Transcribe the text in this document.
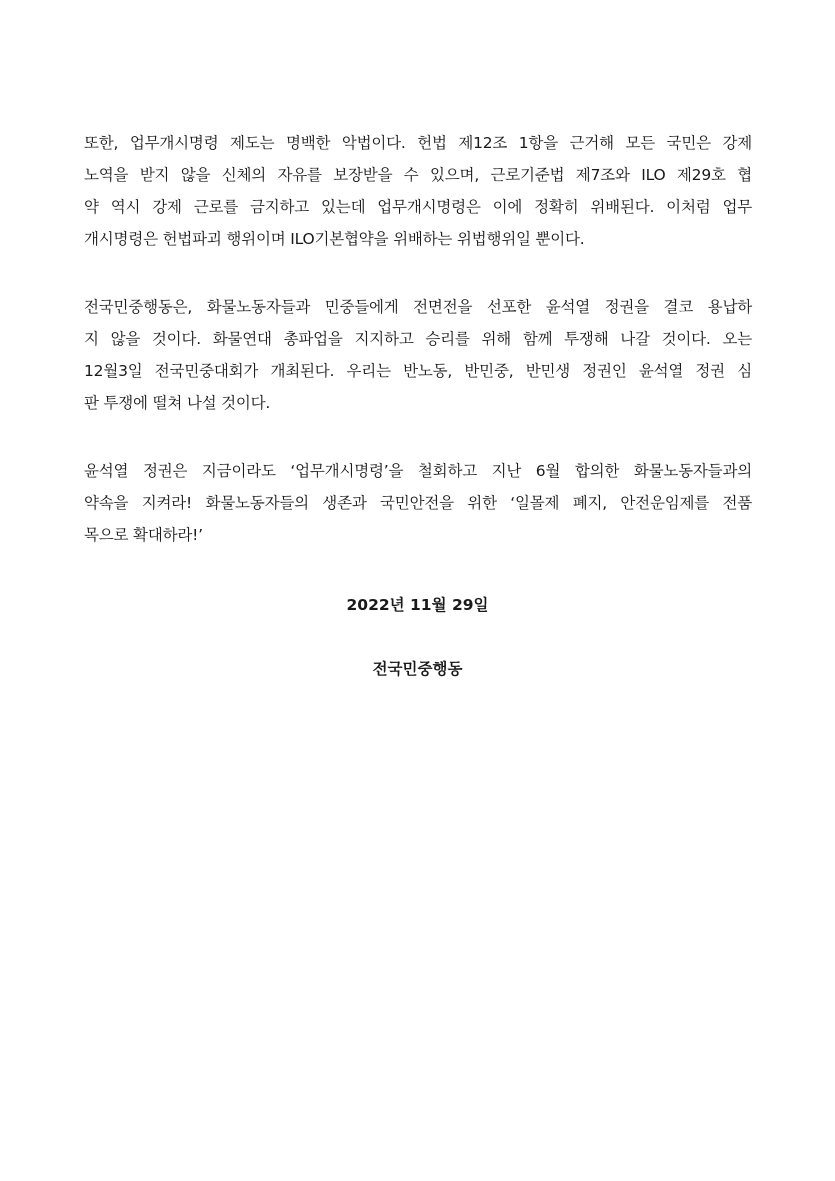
또한, 업무개시명령 제도는 명백한 악법이다. 헌법 제12조 1항을 근거해 모든 국민은 강제
노역을 받지 않을 신체의 자유를 보장받을 수 있으며, 근로기준법 제7조와 ILO 제29호 협
약 역시 강제 근로를 금지하고 있는데 업무개시명령은 이에 정확히 위배된다. 이처럼 업무
개시명령은 헌법파괴 행위이며 ILO기본협약을 위배하는 위법행위일 뿐이다.
전국민중행동은, 화물노동자들과 민중들에게 전면전을 선포한 윤석열 정권을 결코 용납하
지 않을 것이다. 화물연대 총파업을 지지하고 승리를 위해 함께 투쟁해 나갈 것이다. 오는
12월3일 전국민중대회가 개최된다. 우리는 반노동, 반민중, 반민생 정권인 윤석열 정권 심
판 투쟁에 떨쳐 나설 것이다.
윤석열 정권은 지금이라도 ‘업무개시명령’을 철회하고 지난 6월 합의한 화물노동자들과의
약속을 지켜라! 화물노동자들의 생존과 국민안전을 위한 ‘일몰제 폐지, 안전운임제를 전품
목으로 확대하라!’
2022년 11월 29일
전국민중행동
